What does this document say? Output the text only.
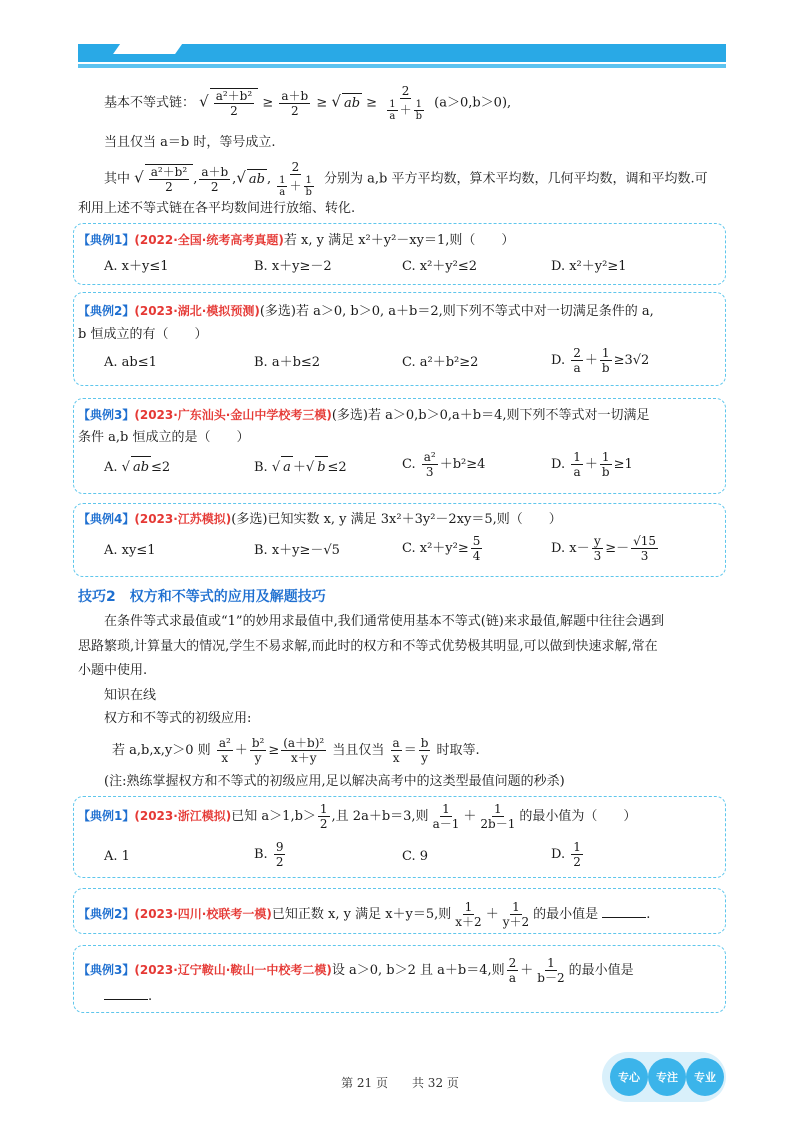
基本不等式链： √ $\frac{\text{a²＋b²}}{2} \ge \frac{a+b}{2}$ ≥ √ ab ≥ $\frac{2}{\frac{1}{a} + \frac{1}{b}} (a>0,b>0)$,
当且仅当 a＝b 时，等号成立.
其中 √ $\frac{\text{a²＋b²}}{2}$ , $\frac{a+b}{2}$ ,√ ab , $\frac{2}{\frac{1}{a} + \frac{1}{b}}$ 分别为 a,b 平方平均数，算术平均数，几何平均数，调和平均数.可
利用上述不等式链在各平均数间进行放缩、转化.
【典例1】(2022·全国·统考高考真题)若 x, y 满足 x²＋y²－xy＝1,则（　　）
A. x＋y≤1	B. x＋y≥－2	C. x²＋y²≤2	D. x²＋y²≥1
【典例2】(2023·湖北·模拟预测)(多选)若 a＞0, b＞0, a＋b＝2,则下列不等式中对一切满足条件的 a,
b 恒成立的有（　　）
A. ab≤1	B. a＋b≤2	C. a²＋b²≥2	D. $\frac{2}{a} + \frac{1}{b} \ge 3√2$
【典例3】(2023·广东汕头·金山中学校考三模)(多选)若 a＞0,b＞0,a＋b＝4,则下列不等式对一切满足
条件 a,b 恒成立的是（　　）
A. √ ab ≤2	B. √ a ＋√ b ≤2	C. $\frac{\text{a²}}{3} +b^2\ge 4$	D. $\frac{1}{a} + \frac{1}{b} \ge 1$
【典例4】(2023·江苏模拟)(多选)已知实数 x, y 满足 3x²＋3y²－2xy＝5,则（　　）
A. xy≤1	B. x＋y≥－√5	C. $x^2+y^2\ge \frac{5}{4}$	D. $x- \frac{y}{3} \ge- \frac{√15}{3}$
技巧2　权方和不等式的应用及解题技巧
在条件等式求最值或“1”的妙用求最值中,我们通常使用基本不等式(链)来求最值,解题中往往会遇到
思路繁琐,计算量大的情况,学生不易求解,而此时的权方和不等式优势极其明显,可以做到快速求解,常在
小题中使用.
知识在线
权方和不等式的初级应用:
若 a,b,x,y＞0 则 $\frac{\text{a²}}{x} + \frac{\text{b²}}{y} \ge \frac{\text{(a＋b)²}}{x+y}$ 当且仅当 $\frac{a}{x} = \frac{b}{y}$ 时取等.
(注:熟练掌握权方和不等式的初级应用,足以解决高考中的这类型最值问题的秒杀)
【典例1】(2023·浙江模拟)已知 $a>1,b> \frac{1}{2}$ ,且 2a＋b＝3,则 $\frac{1}{a-1} + \frac{1}{2b-1}$ 的最小值为（　　）
A. 1	B. $\frac{9}{2}$	C. 9	D. $\frac{1}{2}$
【典例2】(2023·四川·校联考一模)已知正数 x, y 满足 x＋y＝5,则 $\frac{1}{x+2} + \frac{1}{y+2}$ 的最小值是	.
【典例3】(2023·辽宁鞍山·鞍山一中校考二模)设 a＞0, b＞2 且 a＋b＝4,则 $\frac{2}{a} + \frac{1}{b-2}$ 的最小值是
.
第 21 页　　共 32 页	专心	专注	专业
